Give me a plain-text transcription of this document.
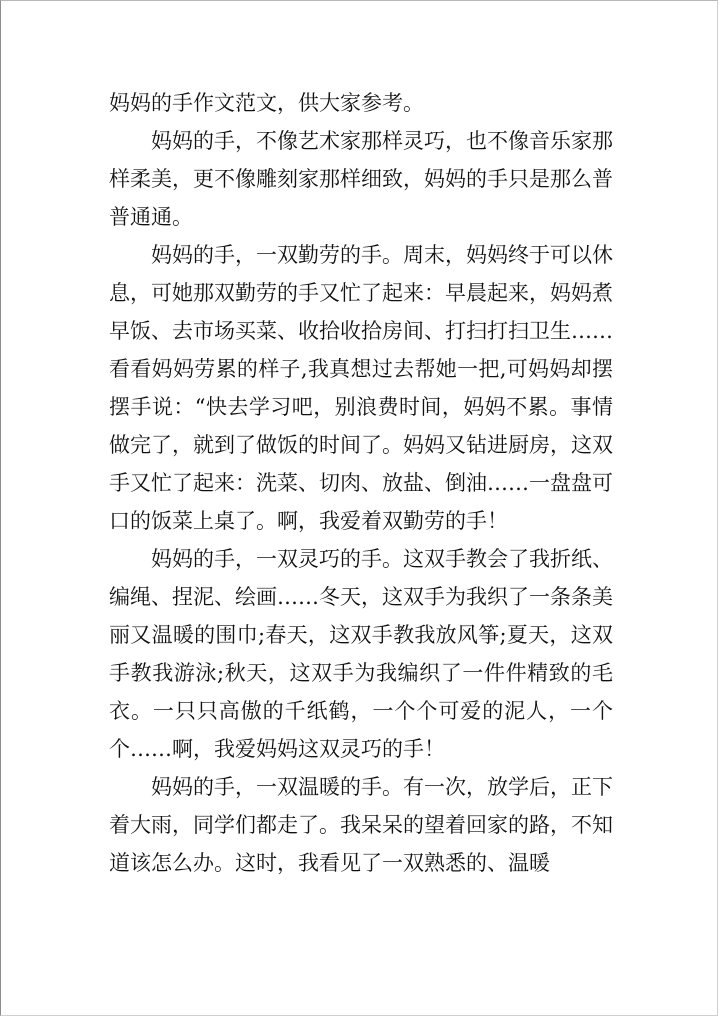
妈妈的手作文范文，供大家参考。

妈妈的手，不像艺术家那样灵巧，也不像音乐家那样柔美，更不像雕刻家那样细致，妈妈的手只是那么普普通通。

妈妈的手，一双勤劳的手。周末，妈妈终于可以休息，可她那双勤劳的手又忙了起来：早晨起来，妈妈煮早饭、去市场买菜、收拾收拾房间、打扫打扫卫生……看看妈妈劳累的样子,我真想过去帮她一把,可妈妈却摆摆手说：“快去学习吧，别浪费时间，妈妈不累。事情做完了，就到了做饭的时间了。妈妈又钻进厨房，这双手又忙了起来：洗菜、切肉、放盐、倒油……一盘盘可口的饭菜上桌了。啊，我爱着双勤劳的手！

妈妈的手，一双灵巧的手。这双手教会了我折纸、编绳、捏泥、绘画……冬天，这双手为我织了一条条美丽又温暖的围巾;春天，这双手教我放风筝;夏天，这双手教我游泳;秋天，这双手为我编织了一件件精致的毛衣。一只只高傲的千纸鹤，一个个可爱的泥人，一个个……啊，我爱妈妈这双灵巧的手！

妈妈的手，一双温暖的手。有一次，放学后，正下着大雨，同学们都走了。我呆呆的望着回家的路，不知道该怎么办。这时，我看见了一双熟悉的、温暖
